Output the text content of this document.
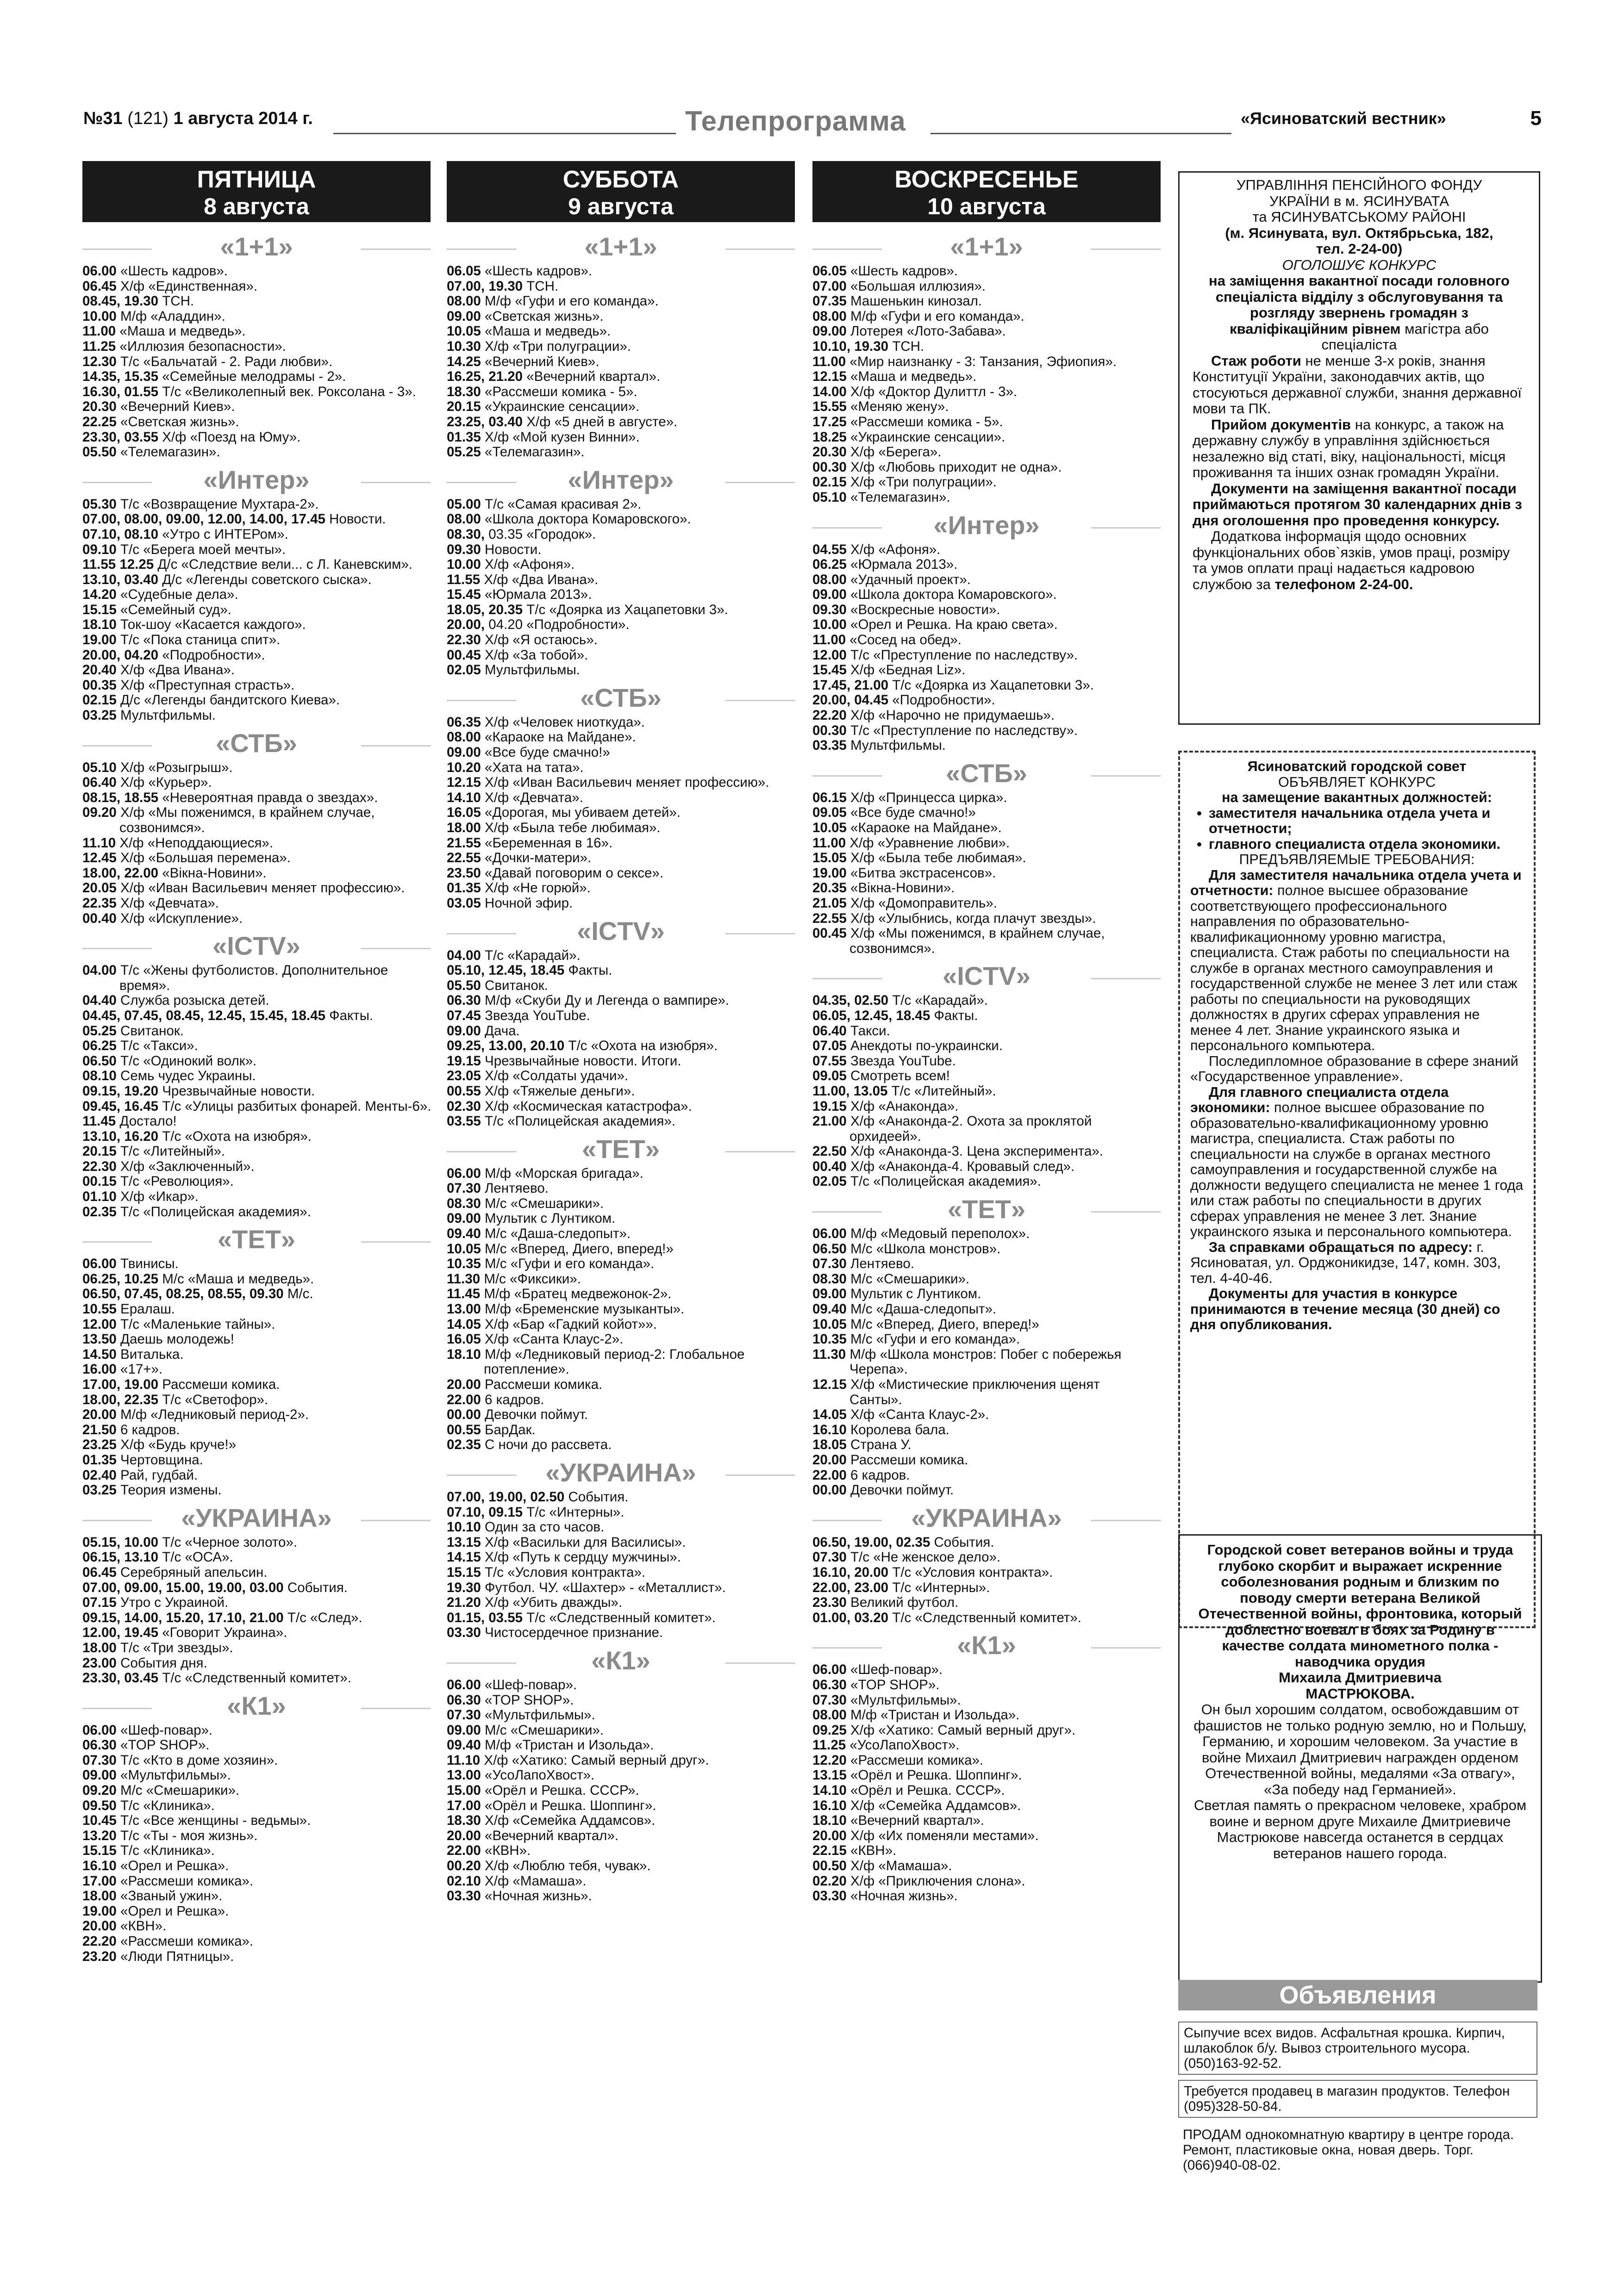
№31 (121) 1 августа 2014 г.	Телепрограмма	«Ясиноватский вестник»	5
ПЯТНИЦА
8 августа
«1+1»

06.00 «Шесть кадров».

06.45 Х/ф «Единственная».

08.45, 19.30 ТСН.

10.00 М/ф «Аладдин».

11.00 «Маша и медведь».

11.25 «Иллюзия безопасности».

12.30 Т/с «Бальчатай - 2. Ради любви».

14.35, 15.35 «Семейные мелодрамы - 2».

16.30, 01.55 Т/с «Великолепный век. Роксолана - 3».

20.30 «Вечерний Киев».

22.25 «Светская жизнь».

23.30, 03.55 Х/ф «Поезд на Юму».

05.50 «Телемагазин».

«Интер»

05.30 Т/с «Возвращение Мухтара-2».

07.00, 08.00, 09.00, 12.00, 14.00, 17.45 Новости.

07.10, 08.10 «Утро с ИНТЕРом».

09.10 Т/с «Берега моей мечты».

11.55 12.25 Д/с «Следствие вели... с Л. Каневским».

13.10, 03.40 Д/с «Легенды советского сыска».

14.20 «Судебные дела».

15.15 «Семейный суд».

18.10 Ток-шоу «Касается каждого».

19.00 Т/с «Пока станица спит».

20.00, 04.20 «Подробности».

20.40 Х/ф «Два Ивана».

00.35 Х/ф «Преступная страсть».

02.15 Д/с «Легенды бандитского Киева».

03.25 Мультфильмы.

«СТБ»

05.10 Х/ф «Розыгрыш».

06.40 Х/ф «Курьер».

08.15, 18.55 «Невероятная правда о звездах».

09.20 Х/ф «Мы поженимся, в крайнем случае,

созвонимся».

11.10 Х/ф «Неподдающиеся».

12.45 Х/ф «Большая перемена».

18.00, 22.00 «Вікна-Новини».

20.05 Х/ф «Иван Васильевич меняет профессию».

22.35 Х/ф «Девчата».

00.40 Х/ф «Искупление».

«ICTV»

04.00 Т/с «Жены футболистов. Дополнительное

время».

04.40 Служба розыска детей.

04.45, 07.45, 08.45, 12.45, 15.45, 18.45 Факты.

05.25 Свитанок.

06.25 Т/с «Такси».

06.50 Т/с «Одинокий волк».

08.10 Семь чудес Украины.

09.15, 19.20 Чрезвычайные новости.

09.45, 16.45 Т/с «Улицы разбитых фонарей. Менты-6».

11.45 Достало!

13.10, 16.20 Т/с «Охота на изюбря».

20.15 Т/с «Литейный».

22.30 Х/ф «Заключенный».

00.15 Т/с «Революция».

01.10 Х/ф «Икар».

02.35 Т/с «Полицейская академия».

«ТЕТ»

06.00 Твинисы.

06.25, 10.25 М/с «Маша и медведь».

06.50, 07.45, 08.25, 08.55, 09.30 М/с.

10.55 Ералаш.

12.00 Т/с «Маленькие тайны».

13.50 Даешь молодежь!

14.50 Виталька.

16.00 «17+».

17.00, 19.00 Рассмеши комика.

18.00, 22.35 Т/с «Светофор».

20.00 М/ф «Ледниковый период-2».

21.50 6 кадров.

23.25 Х/ф «Будь круче!»

01.35 Чертовщина.

02.40 Рай, гудбай.

03.25 Теория измены.

«УКРАИНА»

05.15, 10.00 Т/с «Черное золото».

06.15, 13.10 Т/с «ОСА».

06.45 Серебряный апельсин.

07.00, 09.00, 15.00, 19.00, 03.00 События.

07.15 Утро с Украиной.

09.15, 14.00, 15.20, 17.10, 21.00 Т/с «След».

12.00, 19.45 «Говорит Украина».

18.00 Т/с «Три звезды».

23.00 События дня.

23.30, 03.45 Т/с «Следственный комитет».

«К1»

06.00 «Шеф-повар».

06.30 «TOP SHOP».

07.30 Т/с «Кто в доме хозяин».

09.00 «Мультфильмы».

09.20 М/с «Смешарики».

09.50 Т/с «Клиника».

10.45 Т/с «Все женщины - ведьмы».

13.20 Т/с «Ты - моя жизнь».

15.15 Т/с «Клиника».

16.10 «Орел и Решка».

17.00 «Рассмеши комика».

18.00 «Званый ужин».

19.00 «Орел и Решка».

20.00 «КВН».

22.20 «Рассмеши комика».

23.20 «Люди Пятницы».

СУББОТА
9 августа
«1+1»

06.05 «Шесть кадров».

07.00, 19.30 ТСН.

08.00 М/ф «Гуфи и его команда».

09.00 «Светская жизнь».

10.05 «Маша и медведь».

10.30 Х/ф «Три полуграции».

14.25 «Вечерний Киев».

16.25, 21.20 «Вечерний квартал».

18.30 «Рассмеши комика - 5».

20.15 «Украинские сенсации».

23.25, 03.40 Х/ф «5 дней в августе».

01.35 Х/ф «Мой кузен Винни».

05.25 «Телемагазин».

«Интер»

05.00 Т/с «Самая красивая 2».

08.00 «Школа доктора Комаровского».

08.30, 03.35 «Городок».

09.30 Новости.

10.00 Х/ф «Афоня».

11.55 Х/ф «Два Ивана».

15.45 «Юрмала 2013».

18.05, 20.35 Т/с «Доярка из Хацапетовки 3».

20.00, 04.20 «Подробности».

22.30 Х/ф «Я остаюсь».

00.45 Х/ф «За тобой».

02.05 Мультфильмы.

«СТБ»

06.35 Х/ф «Человек ниоткуда».

08.00 «Караоке на Майдане».

09.00 «Все буде смачно!»

10.20 «Хата на тата».

12.15 Х/ф «Иван Васильевич меняет профессию».

14.10 Х/ф «Девчата».

16.05 «Дорогая, мы убиваем детей».

18.00 Х/ф «Была тебе любимая».

21.55 «Беременная в 16».

22.55 «Дочки-матери».

23.50 «Давай поговорим о сексе».

01.35 Х/ф «Не горюй».

03.05 Ночной эфир.

«ICTV»

04.00 Т/с «Карадай».

05.10, 12.45, 18.45 Факты.

05.50 Свитанок.

06.30 М/ф «Скуби Ду и Легенда о вампире».

07.45 Звезда YouTube.

09.00 Дача.

09.25, 13.00, 20.10 Т/с «Охота на изюбря».

19.15 Чрезвычайные новости. Итоги.

23.05 Х/ф «Солдаты удачи».

00.55 Х/ф «Тяжелые деньги».

02.30 Х/ф «Космическая катастрофа».

03.55 Т/с «Полицейская академия».

«ТЕТ»

06.00 М/ф «Морская бригада».

07.30 Лентяево.

08.30 М/с «Смешарики».

09.00 Мультик с Лунтиком.

09.40 М/с «Даша-следопыт».

10.05 М/с «Вперед, Диего, вперед!»

10.35 М/с «Гуфи и его команда».

11.30 М/с «Фиксики».

11.45 М/ф «Братец медвежонок-2».

13.00 М/ф «Бременские музыканты».

14.05 Х/ф «Бар «Гадкий койот»».

16.05 Х/ф «Санта Клаус-2».

18.10 М/ф «Ледниковый период-2: Глобальное

потепление».

20.00 Рассмеши комика.

22.00 6 кадров.

00.00 Девочки поймут.

00.55 БарДак.

02.35 С ночи до рассвета.

«УКРАИНА»

07.00, 19.00, 02.50 События.

07.10, 09.15 Т/с «Интерны».

10.10 Один за сто часов.

13.15 Х/ф «Васильки для Василисы».

14.15 Х/ф «Путь к сердцу мужчины».

15.15 Т/с «Условия контракта».

19.30 Футбол. ЧУ. «Шахтер» - «Металлист».

21.20 Х/ф «Убить дважды».

01.15, 03.55 Т/с «Следственный комитет».

03.30 Чистосердечное признание.

«К1»

06.00 «Шеф-повар».

06.30 «TOP SHOP».

07.30 «Мультфильмы».

09.00 М/с «Смешарики».

09.40 М/ф «Тристан и Изольда».

11.10 Х/ф «Хатико: Самый верный друг».

13.00 «УсоЛапоХвост».

15.00 «Орёл и Решка. СССР».

17.00 «Орёл и Решка. Шоппинг».

18.30 Х/ф «Семейка Аддамсов».

20.00 «Вечерний квартал».

22.00 «КВН».

00.20 Х/ф «Люблю тебя, чувак».

02.10 Х/ф «Мамаша».

03.30 «Ночная жизнь».

ВОСКРЕСЕНЬЕ
10 августа
«1+1»

06.05 «Шесть кадров».

07.00 «Большая иллюзия».

07.35 Машенькин кинозал.

08.00 М/ф «Гуфи и его команда».

09.00 Лотерея «Лото-Забава».

10.10, 19.30 ТСН.

11.00 «Мир наизнанку - 3: Танзания, Эфиопия».

12.15 «Маша и медведь».

14.00 Х/ф «Доктор Дулиттл - 3».

15.55 «Меняю жену».

17.25 «Рассмеши комика - 5».

18.25 «Украинские сенсации».

20.30 Х/ф «Берега».

00.30 Х/ф «Любовь приходит не одна».

02.15 Х/ф «Три полуграции».

05.10 «Телемагазин».

«Интер»

04.55 Х/ф «Афоня».

06.25 «Юрмала 2013».

08.00 «Удачный проект».

09.00 «Школа доктора Комаровского».

09.30 «Воскресные новости».

10.00 «Орел и Решка. На краю света».

11.00 «Сосед на обед».

12.00 Т/с «Преступление по наследству».

15.45 Х/ф «Бедная Liz».

17.45, 21.00 Т/с «Доярка из Хацапетовки 3».

20.00, 04.45 «Подробности».

22.20 Х/ф «Нарочно не придумаешь».

00.30 Т/с «Преступление по наследству».

03.35 Мультфильмы.

«СТБ»

06.15 Х/ф «Принцесса цирка».

09.05 «Все буде смачно!»

10.05 «Караоке на Майдане».

11.00 Х/ф «Уравнение любви».

15.05 Х/ф «Была тебе любимая».

19.00 «Битва экстрасенсов».

20.35 «Вікна-Новини».

21.05 Х/ф «Домоправитель».

22.55 Х/ф «Улыбнись, когда плачут звезды».

00.45 Х/ф «Мы поженимся, в крайнем случае,

созвонимся».

«ICTV»

04.35, 02.50 Т/с «Карадай».

06.05, 12.45, 18.45 Факты.

06.40 Такси.

07.05 Анекдоты по-украински.

07.55 Звезда YouTube.

09.05 Смотреть всем!

11.00, 13.05 Т/с «Литейный».

19.15 Х/ф «Анаконда».

21.00 Х/ф «Анаконда-2. Охота за проклятой

орхидеей».

22.50 Х/ф «Анаконда-3. Цена эксперимента».

00.40 Х/ф «Анаконда-4. Кровавый след».

02.05 Т/с «Полицейская академия».

«ТЕТ»

06.00 М/ф «Медовый переполох».

06.50 М/с «Школа монстров».

07.30 Лентяево.

08.30 М/с «Смешарики».

09.00 Мультик с Лунтиком.

09.40 М/с «Даша-следопыт».

10.05 М/с «Вперед, Диего, вперед!»

10.35 М/с «Гуфи и его команда».

11.30 М/ф «Школа монстров: Побег с побережья

Черепа».

12.15 Х/ф «Мистические приключения щенят

Санты».

14.05 Х/ф «Санта Клаус-2».

16.10 Королева бала.

18.05 Страна У.

20.00 Рассмеши комика.

22.00 6 кадров.

00.00 Девочки поймут.

«УКРАИНА»

06.50, 19.00, 02.35 События.

07.30 Т/с «Не женское дело».

16.10, 20.00 Т/с «Условия контракта».

22.00, 23.00 Т/с «Интерны».

23.30 Великий футбол.

01.00, 03.20 Т/с «Следственный комитет».

«К1»

06.00 «Шеф-повар».

06.30 «TOP SHOP».

07.30 «Мультфильмы».

08.00 М/ф «Тристан и Изольда».

09.25 Х/ф «Хатико: Самый верный друг».

11.25 «УсоЛапоХвост».

12.20 «Рассмеши комика».

13.15 «Орёл и Решка. Шоппинг».

14.10 «Орёл и Решка. СССР».

16.10 Х/ф «Семейка Аддамсов».

18.10 «Вечерний квартал».

20.00 Х/ф «Их поменяли местами».

22.15 «КВН».

00.50 Х/ф «Мамаша».

02.20 Х/ф «Приключения слона».

03.30 «Ночная жизнь».

УПРАВЛІННЯ ПЕНСІЙНОГО ФОНДУ

УКРАЇНИ в м. ЯСИНУВАТА

та ЯСИНУВАТСЬКОМУ РАЙОНІ

(м. Ясинувата, вул. Октябрьська, 182,

тел. 2-24-00)

ОГОЛОШУЄ КОНКУРС

на заміщення вакантної посади головного спеціаліста відділу з обслуговування та розгляду звернень громадян з кваліфікаційним рівнем магістра або спеціаліста

Стаж роботи не менше 3-х років, знання Конституції України, законодавчих актів, що стосуються державної служби, знання державної мови та ПК.

Прийом документів на конкурс, а також на державну службу в управління здійснюється незалежно від статі, віку, національності, місця проживання та інших ознак громадян України.

Документи на заміщення вакантної посади приймаються протягом 30 календарних днів з дня оголошення про проведення конкурсу.

Додаткова інформація щодо основних функціональних обов`язків, умов праці, розміру та умов оплати праці надається кадровою службою за телефоном 2-24-00.

Ясиноватский городской совет

ОБЪЯВЛЯЕТ КОНКУРС

на замещение вакантных должностей:

• заместителя начальника отдела учета и отчетности;
• главного специалиста отдела экономики.

ПРЕДЪЯВЛЯЕМЫЕ ТРЕБОВАНИЯ:

Для заместителя начальника отдела учета и отчетности: полное высшее образование соответствующего профессионального направления по образовательно-квалификационному уровню магистра, специалиста. Стаж работы по специальности на службе в органах местного самоуправления и государственной службе не менее 3 лет или стаж работы по специальности на руководящих должностях в других сферах управления не менее 4 лет. Знание украинского языка и персонального компьютера.

Последипломное образование в сфере знаний «Государственное управление».

Для главного специалиста отдела экономики: полное высшее образование по образовательно-квалификационному уровню магистра, специалиста. Стаж работы по специальности на службе в органах местного самоуправления и государственной службе на должности ведущего специалиста не менее 1 года или стаж работы по специальности в других сферах управления не менее 3 лет. Знание украинского языка и персонального компьютера.

За справками обращаться по адресу: г. Ясиноватая, ул. Орджоникидзе, 147, комн. 303, тел. 4-40-46.

Документы для участия в конкурсе принимаются в течение месяца (30 дней) со дня опубликования.

Городской совет ветеранов войны и труда глубоко скорбит и выражает искренние соболезнования родным и близким по поводу смерти ветерана Великой Отечественной войны, фронтовика, который доблестно воевал в боях за Родину в качестве солдата минометного полка - наводчика орудия

Михаила Дмитриевича

МАСТРЮКОВА.

Он был хорошим солдатом, освобождавшим от фашистов не только родную землю, но и Польшу, Германию, и хорошим человеком. За участие в войне Михаил Дмитриевич награжден орденом Отечественной войны, медалями «За отвагу», «За победу над Германией».

Светлая память о прекрасном человеке, храбром воине и верном друге Михаиле Дмитриевиче Мастрюкове навсегда останется в сердцах ветеранов нашего города.

Объявления

Сыпучие всех видов. Асфальтная крошка. Кирпич, шлакоблок б/у. Вывоз строительного мусора. (050)163-92-52.

Требуется продавец в магазин продуктов. Телефон (095)328-50-84.

ПРОДАМ однокомнатную квартиру в центре города. Ремонт, пластиковые окна, новая дверь. Торг. (066)940-08-02.
